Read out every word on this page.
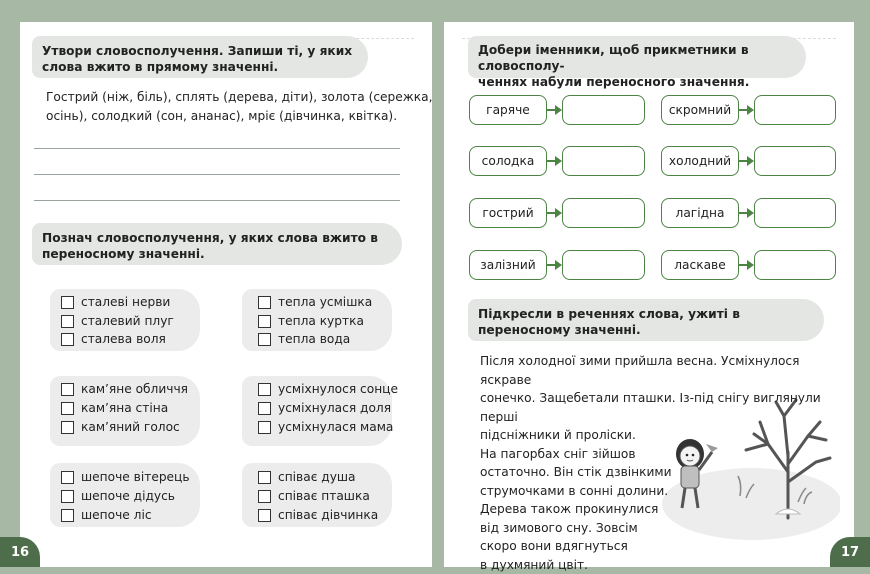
Утвори словосполучення. Запиши ті, у яких слова вжито в прямому значенні.
Гострий (ніж, біль), сплять (дерева, діти), золота (сережка,
осінь), солодкий (сон, ананас), мріє (дівчинка, квітка).
Познач словосполучення, у яких слова вжито в переносному значенні.
сталеві нерви
сталевий плуг
сталева воля
тепла усмішка
тепла куртка
тепла вода
кам’яне обличчя
кам’яна стіна
кам’яний голос
усміхнулося сонце
усміхнулася доля
усміхнулася мама
шепоче вітерець
шепоче дідусь
шепоче ліс
співає душа
співає пташка
співає дівчинка
16
Добери іменники, щоб прикметники в словосполу-
ченнях набули переносного значення.
гаряче
солодка
гострий
залізний
скромний
холодний
лагідна
ласкаве
Підкресли в реченнях слова, ужиті в переносному значенні.
Після холодної зими прийшла весна. Усміхнулося яскраве
сонечко. Защебетали пташки. Із-під снігу виглянули перші
підсніжники й проліски.
На пагорбах сніг зійшов
остаточно. Він стік дзвінкими
струмочками в сонні долини.
Дерева також прокинулися
від зимового сну. Зовсім
скоро вони вдягнуться
в духмяний цвіт.
17
